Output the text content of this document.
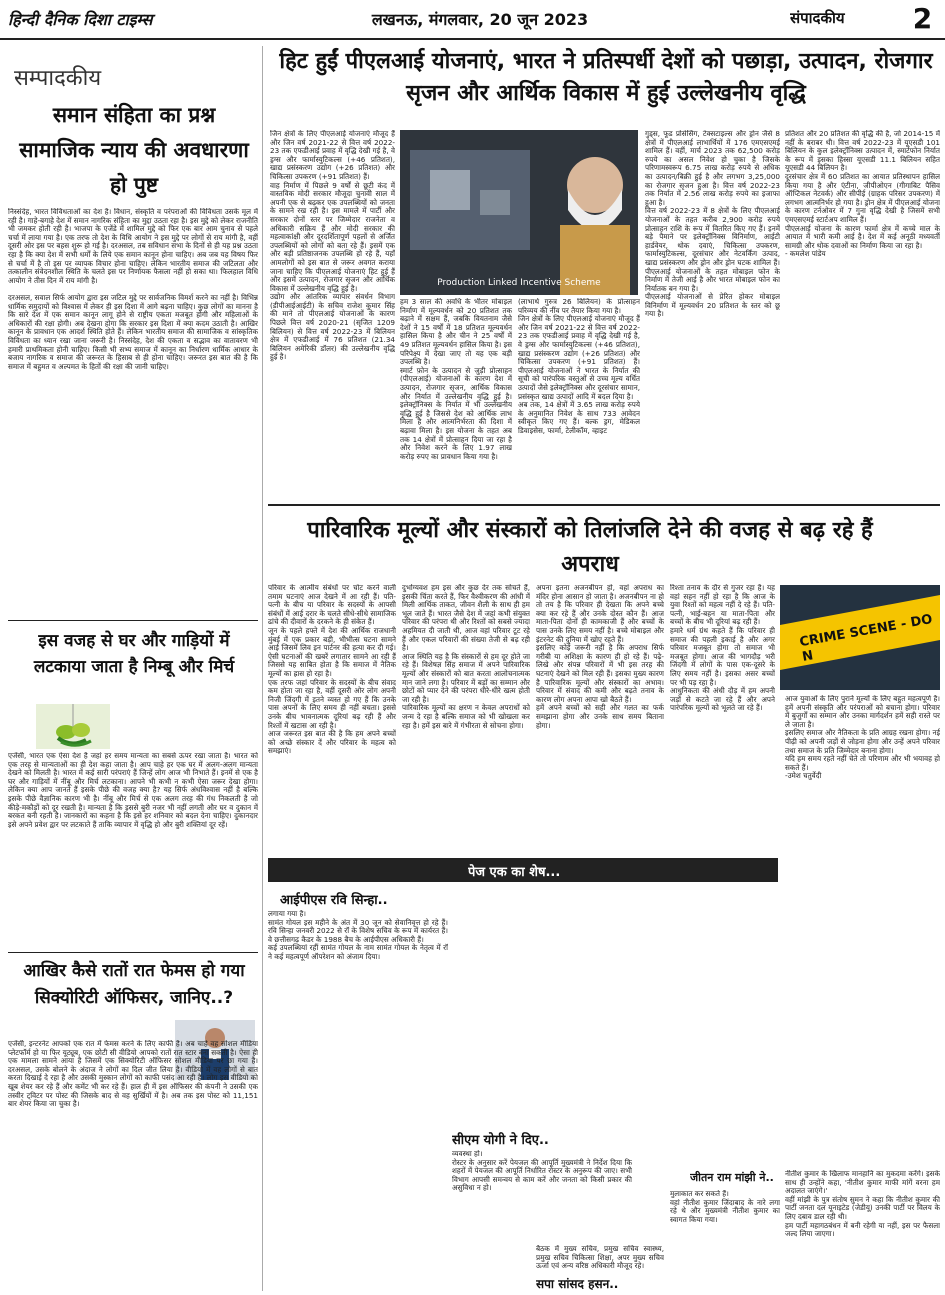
हिन्दी दैनिक दिशा टाइम्स	लखनऊ, मंगलवार, 20 जून 2023	संपादकीय	2
सम्पादकीय
समान संहिता का प्रश्न सामाजिक न्याय की अवधारणा हो पुष्ट
निस्संदेह, भारत विविधताओं का देश है। विधान, संस्कृति व परंपराओं की विविधता उसके मूल में रही है। गाहे-बगाहे देश में समान नागरिक संहिता का मुद्दा उठता रहा है। इस मुद्दे को लेकर राजनीति भी जमकर होती रही है। भाजपा के एजेंडे में शामिल मुद्दे को फिर एक बार आम चुनाव से पहले चर्चा में लाया गया है। एक तरफ तो देश के विधि आयोग ने इस मुद्दे पर लोगों से राय मांगी है, वहीं दूसरी ओर इस पर बहस शुरू हो गई है। दरअसल, तब सविधान सभा के दिनों से ही यह प्रश्न उठता रहा है कि क्या देश में सभी धर्मों के लिये एक समान कानून होना चाहिए। अब जब यह विषय फिर से चर्चा में है तो इस पर व्यापक विचार होना चाहिए। लेकिन भारतीय समाज की जटिलता और तत्कालीन संवेदनशील स्थिति के चलते इस पर निर्णायक फैसला नहीं हो सका था। फिलहाल विधि आयोग ने तीस दिन में राय मांगी है।

दरअसल, सवाल सिर्फ आयोग द्वारा इस जटिल मुद्दे पर सार्वजनिक विमर्श करने का नहीं है। विभिन्न धार्मिक समुदायों को विश्वास में लेकर ही इस दिशा में आगे बढ़ना चाहिए। कुछ लोगों का मानना है कि सारे देश में एक समान कानून लागू होने से राष्ट्रीय एकता मजबूत होगी और महिलाओं के अधिकारों की रक्षा होगी। अब देखना होगा कि सरकार इस दिशा में क्या कदम उठाती है। आखिर कानून के प्रावधान एक आदर्श स्थिति होते हैं। लेकिन भारतीय समाज की सामाजिक व सांस्कृतिक विविधता का ध्यान रखा जाना जरूरी है। निस्संदेह, देश की एकता व सद्भाव का वातावरण भी हमारी प्राथमिकता होनी चाहिए। किसी भी सभ्य समाज में कानून का निर्धारण धार्मिक आधार के बजाय नागरिक व समाज की जरूरत के हिसाब से ही होना चाहिए। जरूरत इस बात की है कि समाज में बहुमत व अल्पमत के हितों की रक्षा की जानी चाहिए।
इस वजह से घर और गाड़ियों में लटकाया जाता है निम्बू और मिर्च
एजेंसी, भारत एक ऐसा देश है जहां हर समय मान्यता का सबसे ऊपर रखा जाता है। भारत को एक तरह से मान्यताओं का ही देश कहा जाता है। आप चाहे हर एक घर में अलग-अलग मान्यता देखने को मिलती है। भारत में कई सारी परंपराएं हैं जिन्हें लोग आज भी निभाते हैं। इनमें से एक है घर और गाड़ियों में नींबू और मिर्च लटकाना। आपने भी कभी न कभी ऐसा जरूर देखा होगा। लेकिन क्या आप जानते हैं इसके पीछे की वजह क्या है? यह सिर्फ अंधविश्वास नहीं है बल्कि इसके पीछे वैज्ञानिक कारण भी है। नींबू और मिर्च से एक अलग तरह की गंध निकलती है जो कीड़े-मकौड़ों को दूर रखती है। मान्यता है कि इससे बुरी नजर भी नहीं लगती और घर व दुकान में बरकत बनी रहती है। जानकारों का कहना है कि इसे हर शनिवार को बदल देना चाहिए। दुकानदार इसे अपने प्रवेश द्वार पर लटकाते हैं ताकि व्यापार में वृद्धि हो और बुरी शक्तियां दूर रहें।
आखिर कैसे रातों रात फेमस हो गया सिक्योरिटी ऑफिसर, जानिए..?
एजेंसी, इन्टरनेट आपको एक रात में फेमस करने के लिए काफी है। अब चाहे वह सोशल मीडिया प्लेटफॉर्म हो या फिर यूट्यूब, एक छोटी सी वीडियो आपको रातों रात स्टार बना सकती है। ऐसा ही एक मामला सामने आया है जिसमें एक सिक्योरिटी ऑफिसर सोशल मीडिया पर छा गया है। दरअसल, उसके बोलने के अंदाज ने लोगों का दिल जीत लिया है। वीडियो में वह लोगों से बात करता दिखाई दे रहा है और उसकी मुस्कान लोगों को काफी पसंद आ रही है। लोग इस वीडियो को खूब शेयर कर रहे हैं और कमेंट भी कर रहे हैं। हाल ही में इस ऑफिसर की कंपनी ने उसकी एक तस्वीर ट्विटर पर पोस्ट की जिसके बाद से वह सुर्खियों में है। अब तक इस पोस्ट को 11,151 बार शेयर किया जा चुका है।
हिट हुईं पीएलआई योजनाएं, भारत ने प्रतिस्पर्धी देशों को पछाड़ा, उत्पादन, रोजगार सृजन और आर्थिक विकास में हुई उल्लेखनीय वृद्धि
Production Linked Incentive Scheme
जिन क्षेत्रों के लिए पीएलआई योजनाएं मौजूद हैं और जिन वर्ष 2021-22 से वित्त वर्ष 2022-23 तक एफडीआई प्रवाह में वृद्धि देखी गई है, वे ड्रग्स और फार्मास्युटिकल्स (+46 प्रतिशत), खाद्य प्रसंस्करण उद्योग (+26 प्रतिशत) और चिकित्सा उपकरण (+91 प्रतिशत) हैं।
वाह निर्माण में पिछले 9 वर्षों से छूटी कंद में वास्तविक मोदी सरकार मौजूदा चुनावी साल में अपनी एक से बढ़कर एक उपलब्धियों को जनता के सामने रख रही है। इस मामले में पार्टी और सरकार दोनों स्तर पर जिम्मेदार राजनेता व अधिकारी सक्रिय हैं और मोदी सरकार की महत्वाकांक्षी और दूरदर्शितापूर्ण पहलों से अर्जित उपलब्धियों को लोगों को बता रहे हैं। इसमें एक और बड़ी प्रतिष्ठाजनक उपलब्धि हो रहे हैं, यहाँ आमलोगों को इस बात से जरूर अवगत कराया जाना चाहिए कि पीएलआई योजनाएं हिट हुई हैं और इसमें उत्पादन, रोजगार सृजन और आर्थिक विकास में उल्लेखनीय वृद्धि हुई है।
उद्योग और आंतरिक व्यापार संवर्धन विभाग (डीपीआईआईटी) के सचिव राजेश कुमार सिंह की माने तो पीएलआई योजनाओं के कारण पिछले वित्त वर्ष 2020-21 (सृजित 1209 बिलियन) से वित्त वर्ष 2022-23 में बिलियन क्षेत्र में एफडीआई में 76 प्रतिशत (21.34 बिलियन अमेरिकी डॉलर) की उल्लेखनीय वृद्धि हुई है।
हम 3 साल की अवधि के भीतर मोबाइल निर्माण में मूल्यवर्धन को 20 प्रतिशत तक बढ़ाने में सक्षम हैं, जबकि वियतनाम जैसे देशों ने 15 वर्षों में 18 प्रतिशत मूल्यवर्धन हासिल किया है और चीन ने 25 वर्षों में 49 प्रतिशत मूल्यवर्धन हासिल किया है। इस परिपेक्ष्य में देखा जाए तो यह एक बड़ी उपलब्धि है।
स्मार्ट फ़ोन के उत्पादन से जुड़ी प्रोत्साहन (पीएलआई) योजनाओं के कारण देश में उत्पादन, रोजगार सृजन, आर्थिक विकास और निर्यात में उल्लेखनीय वृद्धि हुई है। इलेक्ट्रॉनिक्स के निर्यात में भी उल्लेखनीय वृद्धि हुई है जिससे देश को आर्थिक लाभ मिला है और आत्मनिर्भरता की दिशा में बढ़ावा मिला है। इस योजना के तहत अब तक 14 क्षेत्रों में प्रोत्साहन दिया जा रहा है और निवेश करने के लिए 1.97 लाख करोड़ रुपए का प्रावधान किया गया है।
(लाभार्थ गुरुत्र 26 बिलियन) के प्रोत्साहन परिव्यय की नींव पर तैयार किया गया है।
जिन क्षेत्रों के लिए पीएलआई योजनाएं मौजूद हैं और जिन वर्ष 2021-22 से वित्त वर्ष 2022-23 तक एफडीआई प्रवाह में वृद्धि देखी गई है, वे ड्रग्स और फार्मास्युटिकल्स (+46 प्रतिशत), खाद्य प्रसंस्करण उद्योग (+26 प्रतिशत) और चिकित्सा उपकरण (+91 प्रतिशत) हैं। पीएलआई योजनाओं ने भारत के निर्यात की सूची को पारंपरिक वस्तुओं से उच्च मूल्य वर्धित उत्पादों जैसे इलेक्ट्रॉनिक्स और दूरसंचार सामान, प्रसंस्कृत खाद्य उत्पादों आदि में बदल दिया है।
अब तक, 14 क्षेत्रों में 3.65 लाख करोड़ रुपये के अनुमानित निवेश के साथ 733 आवेदन स्वीकृत किए गए हैं। बल्क ड्रग, मेडिकल डिवाइसेस, फार्मा, टेलीकॉम, व्हाइट
गुड्स, फूड प्रोसेसिंग, टेक्सटाइल्स और ड्रोन जैसे 8 क्षेत्रों में पीएलआई लाभार्थियों में 176 एमएसएमई शामिल हैं। वहीं, मार्च 2023 तक 62,500 करोड़ रुपये का असल निवेश हो चुका है जिसके परिणामस्वरूप 6.75 लाख करोड़ रुपये से अधिक का उत्पादन/बिक्री हुई है और लगभग 3,25,000 का रोजगार सृजन हुआ है। वित्त वर्ष 2022-23 तक निर्यात में 2.56 लाख करोड़ रुपये का इजाफा हुआ है।
वित्त वर्ष 2022-23 में 8 क्षेत्रों के लिए पीएलआई योजनाओं के तहत करीब 2,900 करोड़ रुपये प्रोत्साहन राशि के रूप में वितरित किए गए हैं। इनमें बड़े पैमाने पर इलेक्ट्रॉनिक्स विनिर्माण, आईटी हार्डवेयर, थोक दवाएं, चिकित्सा उपकरण, फार्मास्युटिकल्स, दूरसंचार और नेटवर्किंग उत्पाद, खाद्य प्रसंस्करण और ड्रोन और ड्रोन घटक शामिल हैं। पीएलआई योजनाओं के तहत मोबाइल फोन के निर्माण में तेजी आई है और भारत मोबाइल फोन का निर्यातक बन गया है।
पीएलआई योजनाओं से प्रेरित होकर मोबाइल विनिर्माण में मूल्यवर्धन 20 प्रतिशत के स्तर को छू गया है।
प्रतिशत और 20 प्रतिशत की वृद्धि की है, जो 2014-15 में नहीं के बराबर थी। वित्त वर्ष 2022-23 में यूएसडी 101 बिलियन के कुल इलेक्ट्रॉनिक्स उत्पादन में, स्मार्टफोन निर्यात के रूप में इसका हिस्सा यूएसडी 11.1 बिलियन सहित यूएसडी 44 बिलियन है।
दूरसंचार क्षेत्र में 60 प्रतिशत का आयात प्रतिस्थापन हासिल किया गया है और एंटीना, जीपीओएन (गीगाबिट पैसिव ऑप्टिकल नेटवर्क) और सीपीई (ग्राहक परिसर उपकरण) में लगभग आत्मनिर्भर हो गया है। ड्रोन क्षेत्र में पीएलआई योजना के कारण टर्नओवर में 7 गुना वृद्धि देखी है जिसमें सभी एमएसएमई स्टार्टअप शामिल हैं।
पीएलआई योजना के कारण फार्मा क्षेत्र में कच्चे माल के आयात में भारी कमी आई है। देश में कई अनूठी मध्यवर्ती सामग्री और थोक दवाओं का निर्माण किया जा रहा है।
- कमलेश पांडेय
पारिवारिक मूल्यों और संस्कारों को तिलांजलि देने की वजह से बढ़ रहे हैं अपराध
CRIME SCENE - DO N
परिवार के आत्मीय संबंधों पर चोट करने वाली तमाम घटनाएं आज देखने में आ रही हैं। पति-पत्नी के बीच या परिवार के सदस्यों के आपसी संबंधों में आई दरार के चलते सीधे-सीधे सामाजिक ढांचे की दीवारों के दरकने के ही संकेत हैं।
जून के पहले हफ्ते में देश की आर्थिक राजधानी मुंबई में एक प्रकार बड़ी, भीभीत्स घटना सामने आई जिसमें लिव इन पार्टनर की हत्या कर दी गई। ऐसी घटनाओं की खबरें लगातार सामने आ रही हैं जिससे यह साबित होता है कि समाज में नैतिक मूल्यों का ह्रास हो रहा है।
एक तरफ जहां परिवार के सदस्यों के बीच संवाद कम होता जा रहा है, वहीं दूसरी ओर लोग अपनी निजी जिंदगी में इतने व्यस्त हो गए हैं कि उनके पास अपनों के लिए समय ही नहीं बचता। इससे उनके बीच भावनात्मक दूरियां बढ़ रही हैं और रिश्तों में खटास आ रही है।
आज जरूरत इस बात की है कि हम अपने बच्चों को अच्छे संस्कार दें और परिवार के महत्व को समझाएं।
दुर्भाग्यवश हम इस और कुछ देर तक सोचते हैं, इसकी चिंता करते हैं, फिर वैश्वीकरण की आंधी में मिली आर्थिक ताकत, जीवन शैली के साथ ही हम भूल जाते हैं। भारत जैसे देश में जहां कभी संयुक्त परिवार की परंपरा थी और रिश्तों को सबसे ज्यादा अहमियत दी जाती थी, आज वहां परिवार टूट रहे हैं और एकल परिवारों की संख्या तेजी से बढ़ रही है।
आज स्थिति यह है कि संस्कारों से हम दूर होते जा रहे हैं। विशेषज्ञ सिंह समाज में अपने पारिवारिक मूल्यों और संस्कारों को बात करता आलोचनात्मक मान जाने लगा है। परिवार में बड़ों का सम्मान और छोटों को प्यार देने की परंपरा धीरे-धीरे खत्म होती जा रही है।
पारिवारिक मूल्यों का क्षरण न केवल अपराधों को जन्म दे रहा है बल्कि समाज को भी खोखला कर रहा है। हमें इस बारे में गंभीरता से सोचना होगा।
अपना इतना अजनबीपन हो, वहां अपराध का मंदिर होना आसान हो जाता है। अजनबीपन ना हो तो तय है कि परिवार ही देखता कि अपने बच्चे क्या कर रहे हैं और उनके दोस्त कौन हैं। आज माता-पिता दोनों ही कामकाजी हैं और बच्चों के पास उनके लिए समय नहीं है। बच्चे मोबाइल और इंटरनेट की दुनिया में खोए रहते हैं।
इसलिए कोई जरूरी नहीं है कि अपराध सिर्फ गरीबी या अशिक्षा के कारण ही हो रहे हैं। पढ़े-लिखे और संपन्न परिवारों में भी इस तरह की घटनाएं देखने को मिल रही हैं। इसका मुख्य कारण है पारिवारिक मूल्यों और संस्कारों का अभाव। परिवार में संवाद की कमी और बढ़ते तनाव के कारण लोग अपना आपा खो बैठते हैं।
हमें अपने बच्चों को सही और गलत का फर्क समझाना होगा और उनके साथ समय बिताना होगा।
रिश्ता तनाव के दौर से गुजर रहा है। यह वहां सहन नहीं हो रहा है कि आज के युवा रिश्तों को महत्व नहीं दे रहे हैं। पति-पत्नी, भाई-बहन या माता-पिता और बच्चों के बीच भी दूरियां बढ़ रही हैं।
हमारे धर्म ग्रंथ कहते हैं कि परिवार ही समाज की पहली इकाई है और अगर परिवार मजबूत होगा तो समाज भी मजबूत होगा। आज की भागदौड़ भरी जिंदगी में लोगों के पास एक-दूसरे के लिए समय नहीं है। इसका असर बच्चों पर भी पड़ रहा है।
आधुनिकता की अंधी दौड़ में हम अपनी जड़ों से कटते जा रहे हैं और अपने पारंपरिक मूल्यों को भूलते जा रहे हैं।
आज युवाओं के लिए पुराने मूल्यों के लिए बहुत महत्वपूर्ण है। हमें अपनी संस्कृति और परंपराओं को बचाना होगा। परिवार में बुजुर्गों का सम्मान और उनका मार्गदर्शन हमें सही रास्ते पर ले जाता है।
इसलिए समाज और नैतिकता के प्रति आग्रह रखना होगा। नई पीढ़ी को अपनी जड़ों से जोड़ना होगा और उन्हें अपने परिवार तथा समाज के प्रति जिम्मेदार बनाना होगा।
यदि हम समय रहते नहीं चेते तो परिणाम और भी भयावह हो सकते हैं।
-उमेश चतुर्वेदी
पेज एक का शेष...
आईपीएस रवि सिन्हा..
लगाया गया है।
सामंत गोयल इस महीने के अंत में 30 जून को सेवानिवृत्त हो रहे हैं। रवि सिन्हा जनवरी 2022 से रॉ के विशेष सचिव के रूप में कार्यरत हैं। वे छत्तीसगढ़ कैडर के 1988 बैच के आईपीएस अधिकारी हैं।
कई उपलब्धियां रहीं सामंत गोयल के नाम सामंत गोयल के नेतृत्व में रॉ ने कई महत्वपूर्ण ऑपरेशन को अंजाम दिया।
सीएम योगी ने दिए..
व्यवस्था हो।
रोस्टर के अनुसार करें पेयजल की आपूर्ति मुख्यमंत्री ने निर्देश दिया कि शहरों में पेयजल की आपूर्ति निर्धारित रोस्टर के अनुरूप की जाए। सभी विभाग आपसी समन्वय से काम करें और जनता को किसी प्रकार की असुविधा न हो।
बैठक में मुख्य सचिव, प्रमुख सचिव स्वास्थ्य, प्रमुख सचिव चिकित्सा शिक्षा, अपर मुख्य सचिव ऊर्जा एवं अन्य वरिष्ठ अधिकारी मौजूद रहे।
सपा सांसद हसन..
जीतन राम मांझी ने..
मुलाकात कर सकते हैं।
वहां नीतीश कुमार जिंदाबाद के नारे लगा रहे थे और मुख्यमंत्री नीतीश कुमार का स्वागत किया गया।
नीतीश कुमार के खिलाफ मानहानि का मुकदमा करेंगे। इसके साथ ही उन्होंने कहा, 'नीतीश कुमार माफी मांगें वरना हम अदालत जाएंगे।'
वहीं मांझी के पुत्र संतोष सुमन ने कहा कि नीतीश कुमार की पार्टी जनता दल यूनाइटेड (जेडीयू) उनकी पार्टी पर विलय के लिए दबाव डाल रही थी।
हम पार्टी महागठबंधन में बनी रहेगी या नहीं, इस पर फैसला जल्द लिया जाएगा।
